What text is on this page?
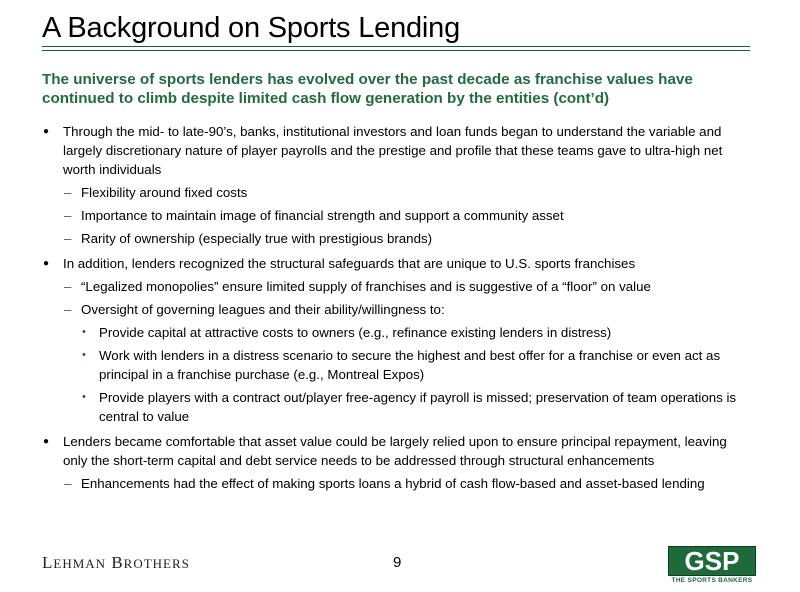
A Background on Sports Lending
The universe of sports lenders has evolved over the past decade as franchise values have continued to climb despite limited cash flow generation by the entities (cont’d)
● Through the mid- to late-90’s, banks, institutional investors and loan funds began to understand the variable and largely discretionary nature of player payrolls and the prestige and profile that these teams gave to ultra-high net worth individuals
– Flexibility around fixed costs
– Importance to maintain image of financial strength and support a community asset
– Rarity of ownership (especially true with prestigious brands)
● In addition, lenders recognized the structural safeguards that are unique to U.S. sports franchises
– “Legalized monopolies” ensure limited supply of franchises and is suggestive of a “floor” on value
– Oversight of governing leagues and their ability/willingness to:
• Provide capital at attractive costs to owners (e.g., refinance existing lenders in distress)
• Work with lenders in a distress scenario to secure the highest and best offer for a franchise or even act as principal in a franchise purchase (e.g., Montreal Expos)
• Provide players with a contract out/player free-agency if payroll is missed; preservation of team operations is central to value
● Lenders became comfortable that asset value could be largely relied upon to ensure principal repayment, leaving only the short-term capital and debt service needs to be addressed through structural enhancements
– Enhancements had the effect of making sports loans a hybrid of cash flow-based and asset-based lending
LEHMAN BROTHERS	9	GSP
THE SPORTS BANKERS
